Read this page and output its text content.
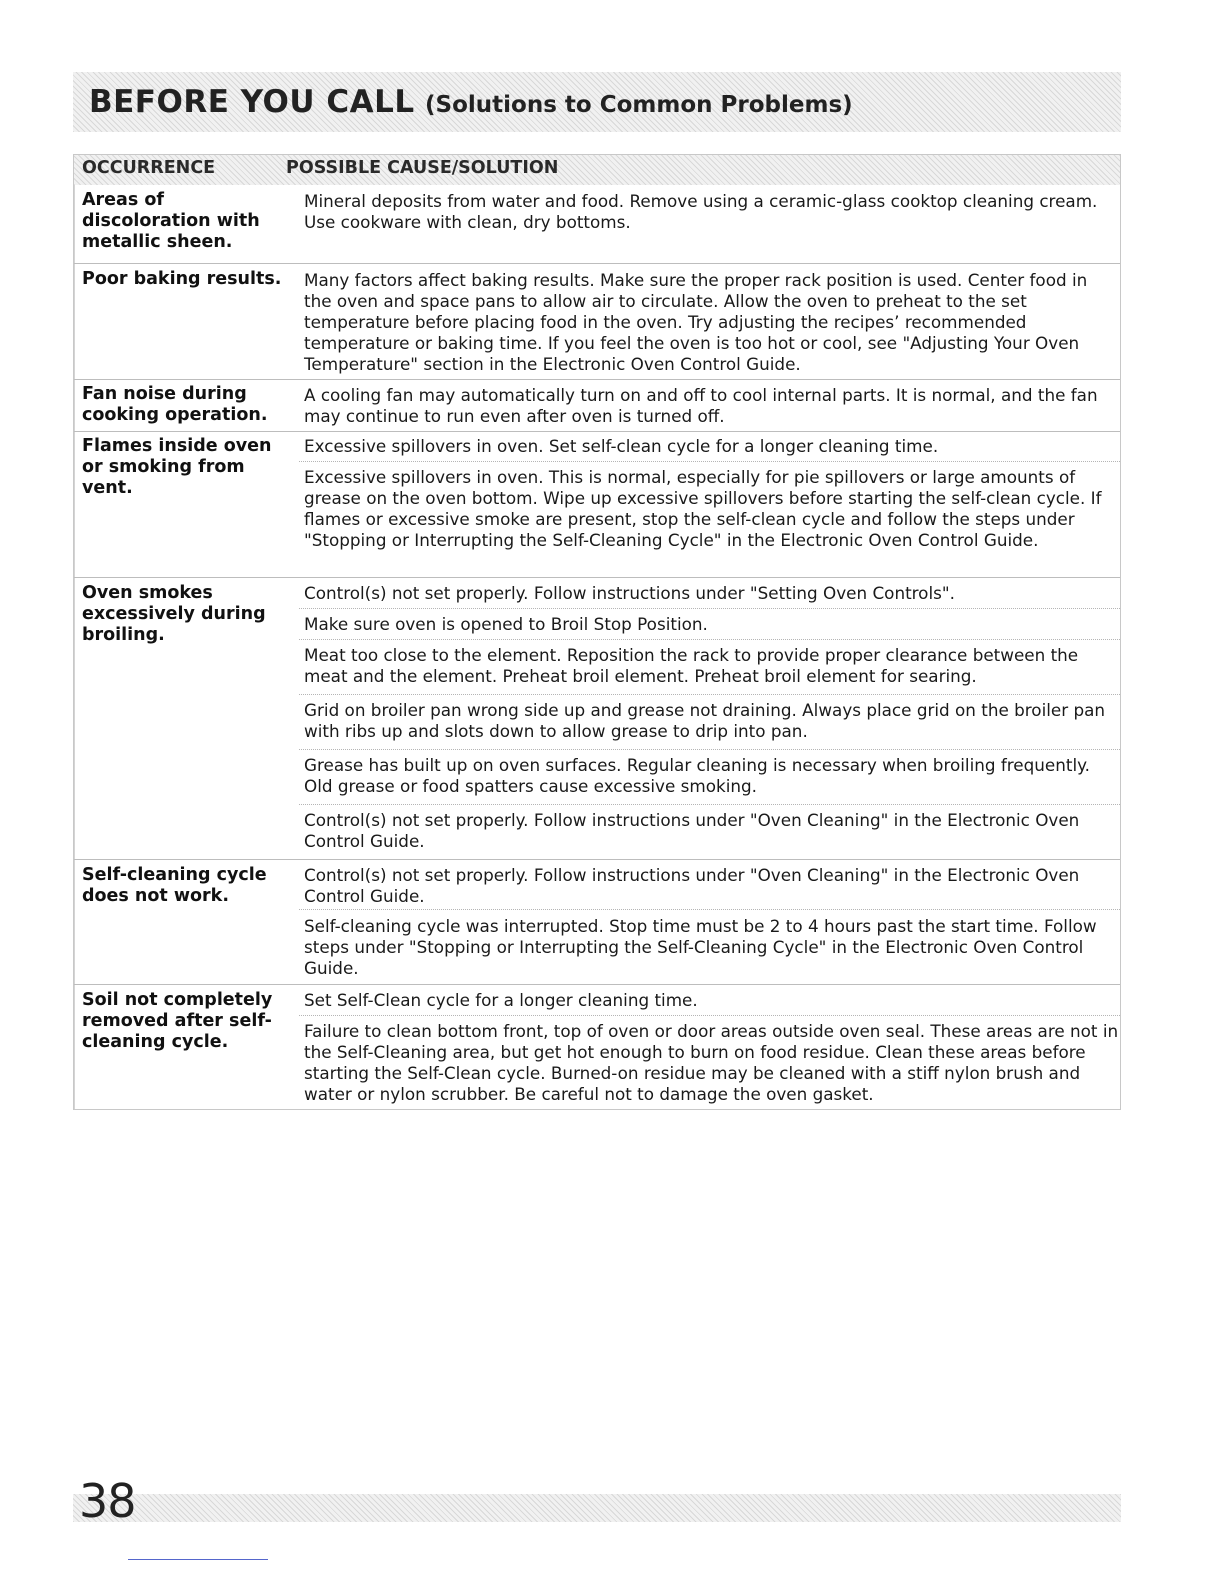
BEFORE YOU CALL (Solutions to Common Problems)
OCCURRENCE	POSSIBLE CAUSE/SOLUTION
Areas of discoloration with metallic sheen.
Mineral deposits from water and food. Remove using a ceramic-glass cooktop cleaning cream. Use cookware with clean, dry bottoms.
Poor baking results. Many factors affect baking results. Make sure the proper rack position is used. Center food in the oven and space pans to allow air to circulate. Allow the oven to preheat to the set temperature before placing food in the oven. Try adjusting the recipes’ recommended temperature or baking time. If you feel the oven is too hot or cool, see "Adjusting Your Oven Temperature" section in the Electronic Oven Control Guide.
Fan noise during cooking operation.
A cooling fan may automatically turn on and off to cool internal parts. It is normal, and the fan may continue to run even after oven is turned off.
Flames inside oven or smoking from vent.
Excessive spillovers in oven. Set self-clean cycle for a longer cleaning time.
Excessive spillovers in oven. This is normal, especially for pie spillovers or large amounts of grease on the oven bottom. Wipe up excessive spillovers before starting the self-clean cycle. If flames or excessive smoke are present, stop the self-clean cycle and follow the steps under "Stopping or Interrupting the Self-Cleaning Cycle" in the Electronic Oven Control Guide.
Oven smokes excessively during broiling.
Control(s) not set properly. Follow instructions under "Setting Oven Controls".
Make sure oven is opened to Broil Stop Position.
Meat too close to the element. Reposition the rack to provide proper clearance between the meat and the element. Preheat broil element. Preheat broil element for searing.
Grid on broiler pan wrong side up and grease not draining. Always place grid on the broiler pan with ribs up and slots down to allow grease to drip into pan.
Grease has built up on oven surfaces. Regular cleaning is necessary when broiling frequently. Old grease or food spatters cause excessive smoking.
Control(s) not set properly. Follow instructions under "Oven Cleaning" in the Electronic Oven Control Guide.
Self-cleaning cycle does not work.
Control(s) not set properly. Follow instructions under "Oven Cleaning" in the Electronic Oven Control Guide.
Self-cleaning cycle was interrupted. Stop time must be 2 to 4 hours past the start time. Follow steps under "Stopping or Interrupting the Self-Cleaning Cycle" in the Electronic Oven Control Guide.
Soil not completely removed after self-cleaning cycle.
Set Self-Clean cycle for a longer cleaning time.
Failure to clean bottom front, top of oven or door areas outside oven seal. These areas are not in the Self-Cleaning area, but get hot enough to burn on food residue. Clean these areas before starting the Self-Clean cycle. Burned-on residue may be cleaned with a stiff nylon brush and water or nylon scrubber. Be careful not to damage the oven gasket.
38
